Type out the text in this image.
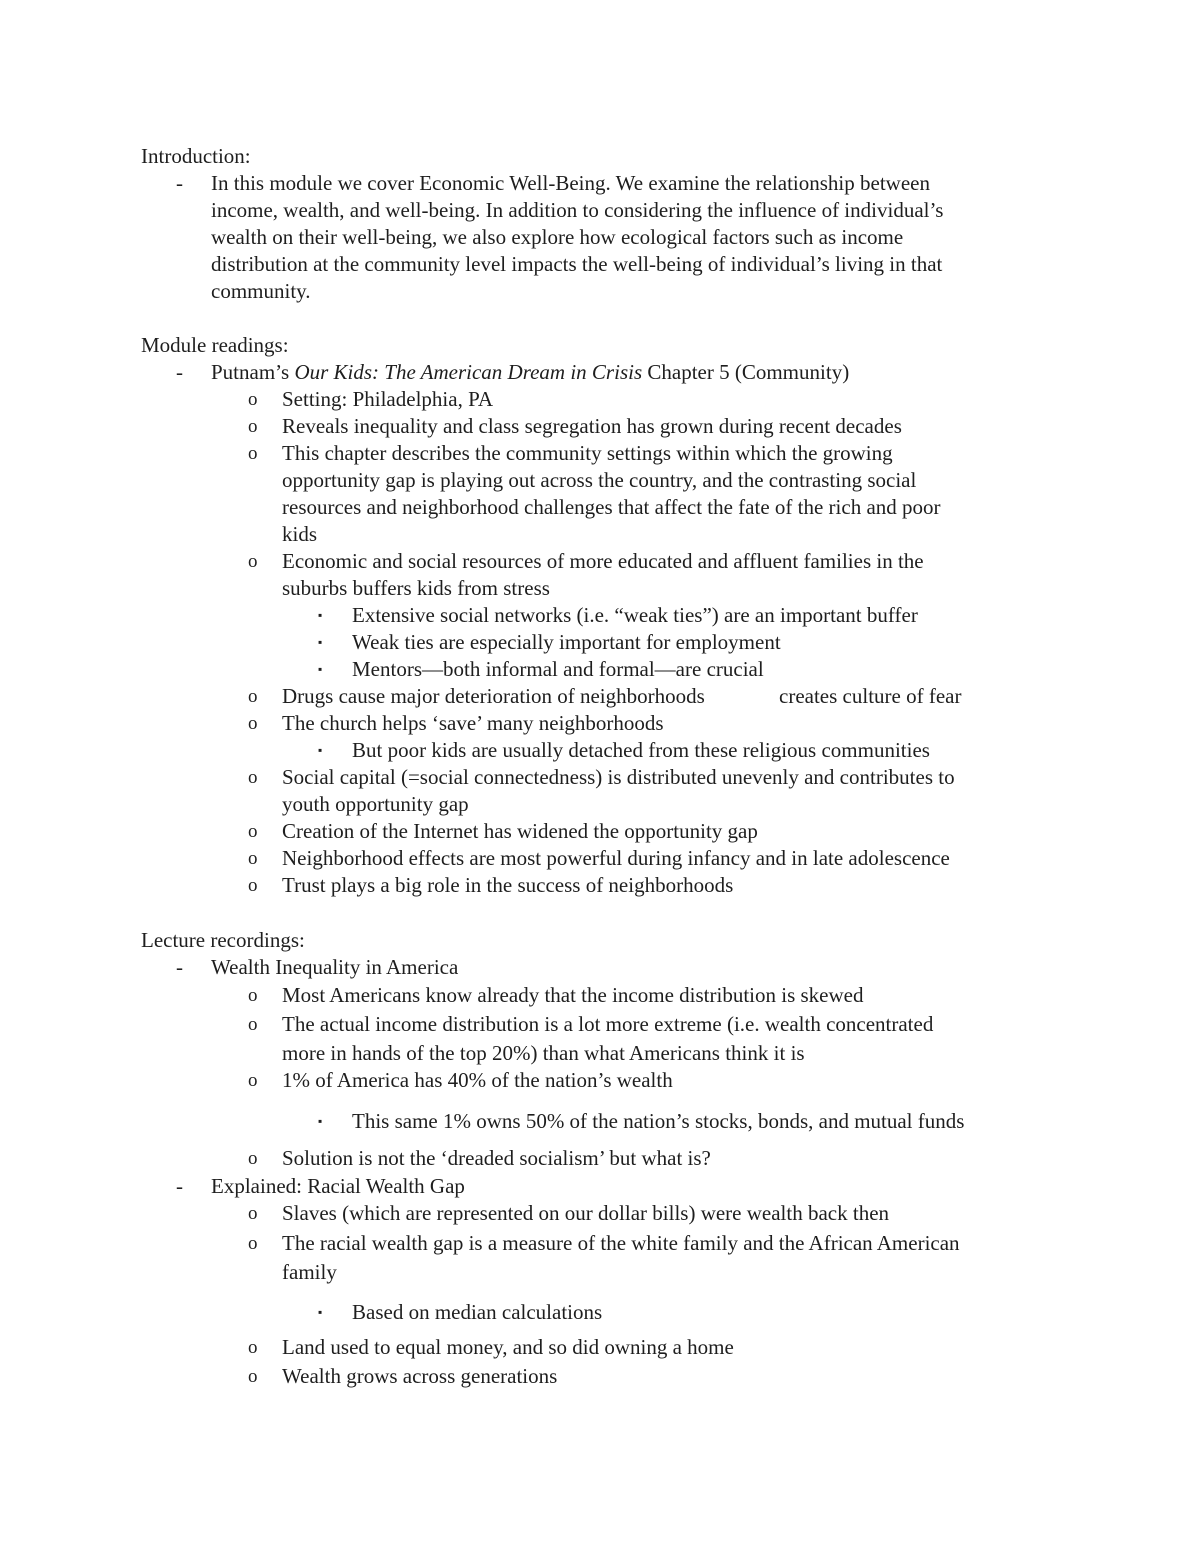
Introduction:
- In this module we cover Economic Well-Being. We examine the relationship between
income, wealth, and well-being. In addition to considering the influence of individual’s
wealth on their well-being, we also explore how ecological factors such as income
distribution at the community level impacts the well-being of individual’s living in that
community.
Module readings:
- Putnam’s Our Kids: The American Dream in Crisis Chapter 5 (Community)
o Setting: Philadelphia, PA
o Reveals inequality and class segregation has grown during recent decades
o This chapter describes the community settings within which the growing
opportunity gap is playing out across the country, and the contrasting social
resources and neighborhood challenges that affect the fate of the rich and poor
kids
o Economic and social resources of more educated and affluent families in the
suburbs buffers kids from stress
▪ Extensive social networks (i.e. “weak ties”) are an important buffer
▪ Weak ties are especially important for employment
▪ Mentors—both informal and formal—are crucial
o Drugs cause major deterioration of neighborhoods	creates culture of fear
o The church helps ‘save’ many neighborhoods
▪ But poor kids are usually detached from these religious communities
o Social capital (=social connectedness) is distributed unevenly and contributes to
youth opportunity gap
o Creation of the Internet has widened the opportunity gap
o Neighborhood effects are most powerful during infancy and in late adolescence
o Trust plays a big role in the success of neighborhoods
Lecture recordings:
- Wealth Inequality in America
o Most Americans know already that the income distribution is skewed
o The actual income distribution is a lot more extreme (i.e. wealth concentrated
more in hands of the top 20%) than what Americans think it is
o 1% of America has 40% of the nation’s wealth
▪ This same 1% owns 50% of the nation’s stocks, bonds, and mutual funds
o Solution is not the ‘dreaded socialism’ but what is?
- Explained: Racial Wealth Gap
o Slaves (which are represented on our dollar bills) were wealth back then
o The racial wealth gap is a measure of the white family and the African American
family
▪ Based on median calculations
o Land used to equal money, and so did owning a home
o Wealth grows across generations
